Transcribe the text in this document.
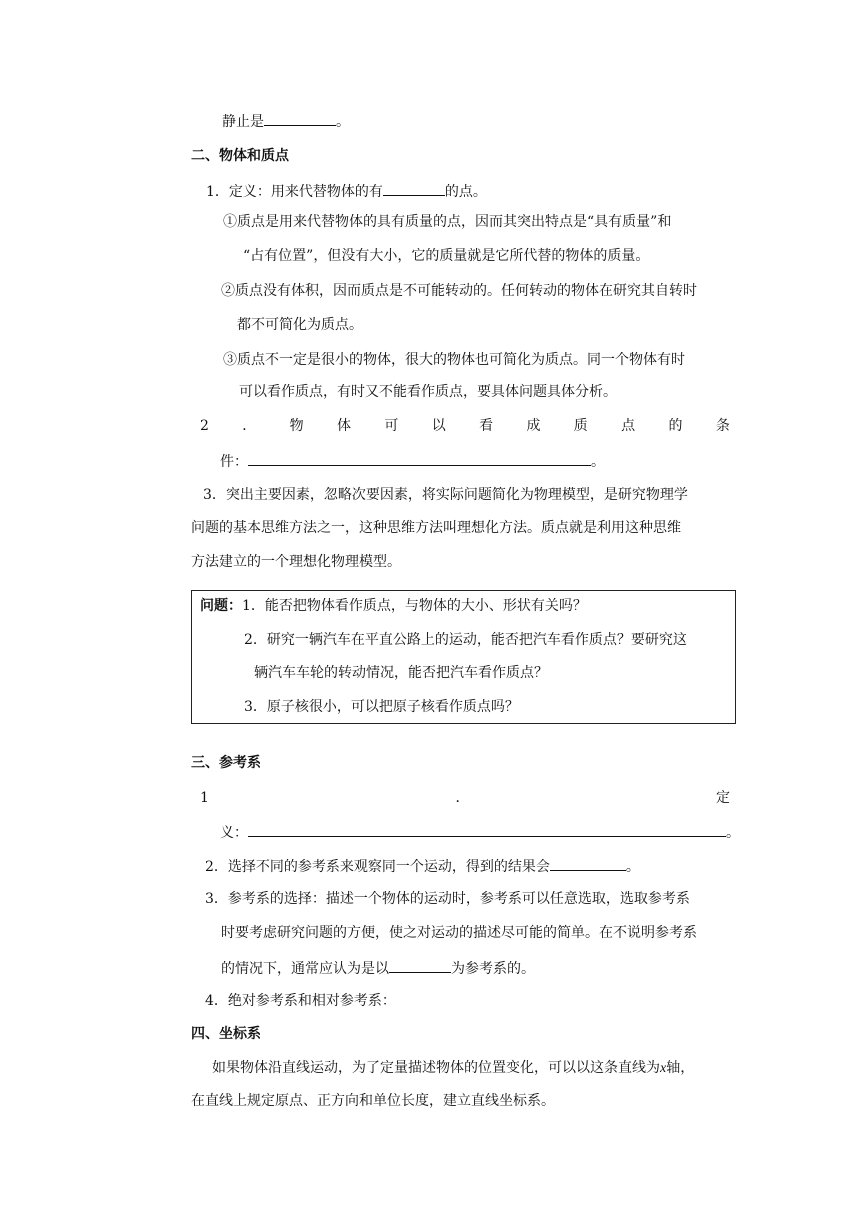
静止是	。
二、物体和质点
1．定义：用来代替物体的有	的点。
①质点是用来代替物体的具有质量的点，因而其突出特点是“具有质量”和
“占有位置”，但没有大小，它的质量就是它所代替的物体的质量。
②质点没有体积，因而质点是不可能转动的。任何转动的物体在研究其自转时
都不可简化为质点。
③质点不一定是很小的物体，很大的物体也可简化为质点。同一个物体有时
可以看作质点，有时又不能看作质点，要具体问题具体分析。
2 ． 物 体 可 以 看 成 质 点 的 条
件：	。
3．突出主要因素，忽略次要因素，将实际问题简化为物理模型，是研究物理学
问题的基本思维方法之一，这种思维方法叫理想化方法。质点就是利用这种思维
方法建立的一个理想化物理模型。
问题：1．能否把物体看作质点，与物体的大小、形状有关吗？
2．研究一辆汽车在平直公路上的运动，能否把汽车看作质点？要研究这
辆汽车车轮的转动情况，能否把汽车看作质点？
3．原子核很小，可以把原子核看作质点吗？
三、参考系
1	．	定
义：	。
2．选择不同的参考系来观察同一个运动，得到的结果会	。
3．参考系的选择：描述一个物体的运动时，参考系可以任意选取，选取参考系
时要考虑研究问题的方便，使之对运动的描述尽可能的简单。在不说明参考系
的情况下，通常应认为是以	为参考系的。
4．绝对参考系和相对参考系：
四、坐标系
如果物体沿直线运动，为了定量描述物体的位置变化，可以以这条直线为x轴，
在直线上规定原点、正方向和单位长度，建立直线坐标系。
